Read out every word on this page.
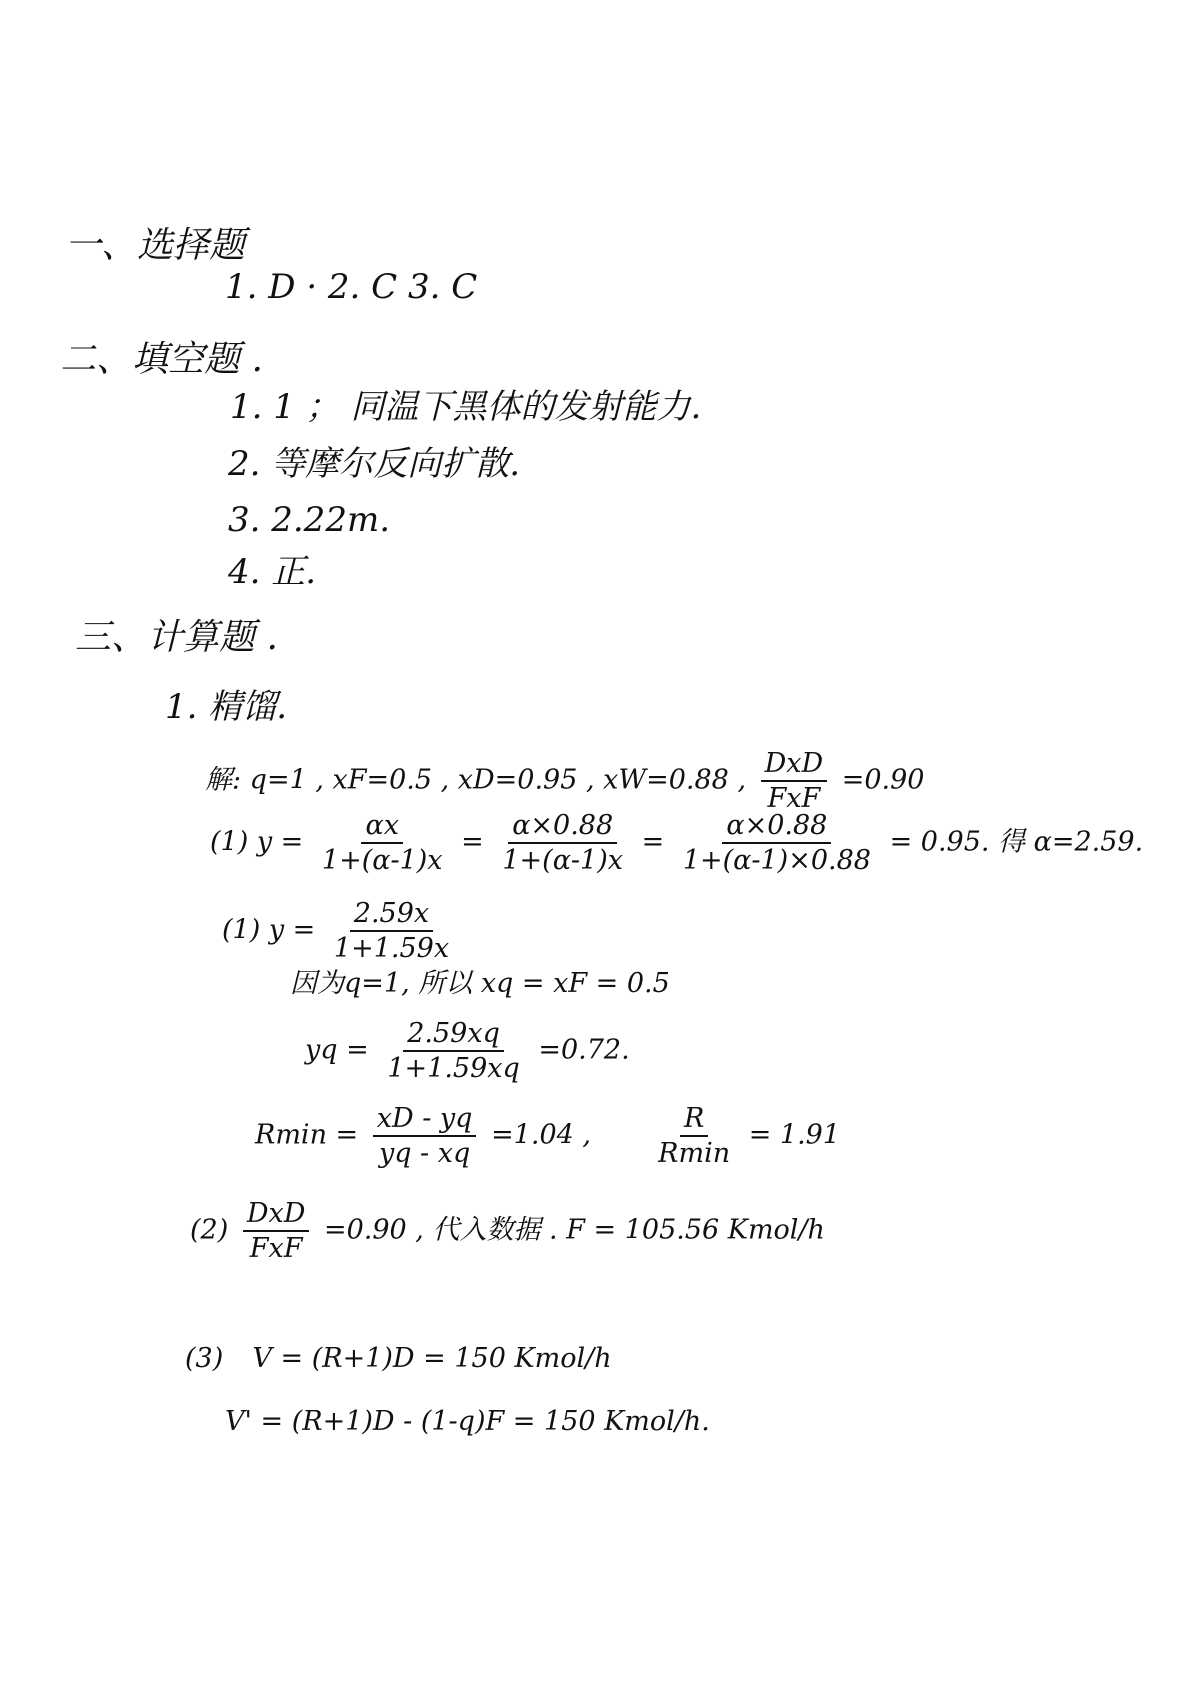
一、选择题
1. D · 2. C 3. C
二、填空题 .
1. 1 ； 同温下黑体的发射能力.
2. 等摩尔反向扩散.
3. 2.22m.
4. 正.
三、计算题 .
1. 精馏.
解: q=1 , xF=0.5 , xD=0.95 , xW=0.88 , $\frac{\text{DxD}}{\text{FxF}} =0.90$
(1) $y = \frac{\alpha x}{1+(\alpha-1)x} = \frac{\alpha\times 0.88}{1+(\alpha-1)x} = \frac{\alpha\times 0.88}{1+(\alpha-1)\times 0.88} = 0.95$. 得 α=2.59.
(1) $y = \frac{2.59x}{1+1.59x}$
因为q=1, 所以 xq = xF = 0.5
yq = $\frac{2.59xq}{1+1.59xq} =0.72$.
$Rmin = \frac{xD - yq}{yq - xq} =1.04$ , $\frac{R}{Rmin} = 1.91$
$(2) \frac{\text{DxD}}{\text{FxF}} =0.90$ , 代入数据 . F = 105.56 Kmol/h
(3) V = (R+1)D = 150 Kmol/h
V' = (R+1)D - (1-q)F = 150 Kmol/h.
